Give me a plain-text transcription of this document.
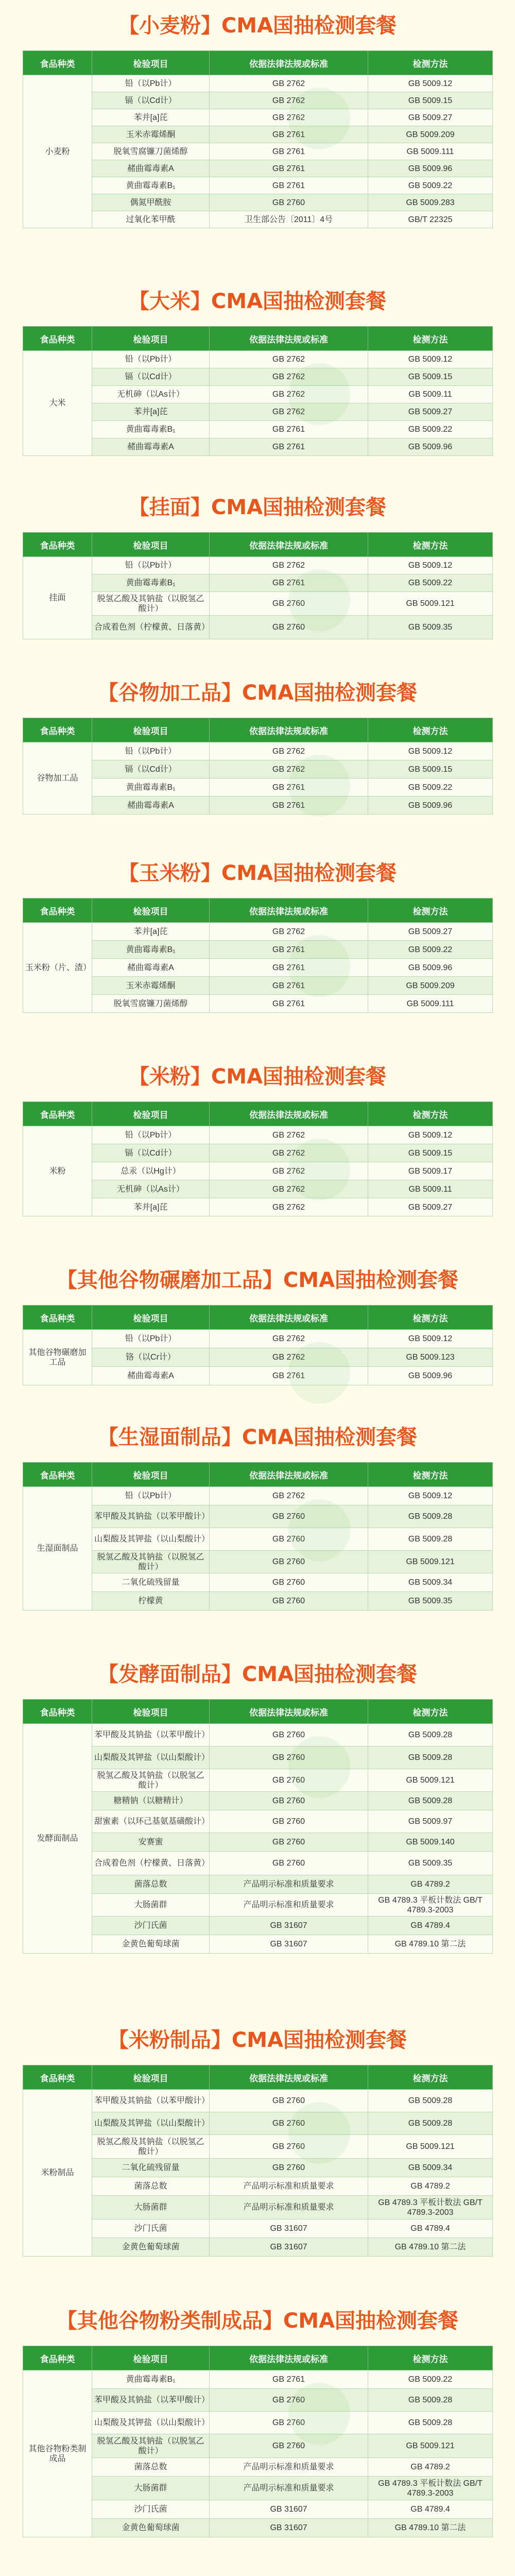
【小麦粉】CMA国抽检测套餐
食品种类	检验项目	依据法律法规或标准	检测方法
小麦粉	铅（以Pb计）	GB 2762	GB 5009.12
	镉（以Cd计）	GB 2762	GB 5009.15
	苯并[a]芘	GB 2762	GB 5009.27
	玉米赤霉烯酮	GB 2761	GB 5009.209
	脱氧雪腐镰刀菌烯醇	GB 2761	GB 5009.111
	赭曲霉毒素A	GB 2761	GB 5009.96
	黄曲霉毒素B₁	GB 2761	GB 5009.22
	偶氮甲酰胺	GB 2760	GB 5009.283
	过氧化苯甲酰	卫生部公告〔2011〕4号	GB/T 22325
【大米】CMA国抽检测套餐
食品种类	检验项目	依据法律法规或标准	检测方法
大米	铅（以Pb计）	GB 2762	GB 5009.12
	镉（以Cd计）	GB 2762	GB 5009.15
	无机砷（以As计）	GB 2762	GB 5009.11
	苯并[a]芘	GB 2762	GB 5009.27
	黄曲霉毒素B₁	GB 2761	GB 5009.22
	赭曲霉毒素A	GB 2761	GB 5009.96
【挂面】CMA国抽检测套餐
食品种类	检验项目	依据法律法规或标准	检测方法
挂面	铅（以Pb计）	GB 2762	GB 5009.12
	黄曲霉毒素B₁	GB 2761	GB 5009.22
	脱氢乙酸及其钠盐（以脱氢乙酸计）	GB 2760	GB 5009.121
	合成着色剂（柠檬黄、日落黄）	GB 2760	GB 5009.35
【谷物加工品】CMA国抽检测套餐
食品种类	检验项目	依据法律法规或标准	检测方法
谷物加工品	铅（以Pb计）	GB 2762	GB 5009.12
	镉（以Cd计）	GB 2762	GB 5009.15
	黄曲霉毒素B₁	GB 2761	GB 5009.22
	赭曲霉毒素A	GB 2761	GB 5009.96
【玉米粉】CMA国抽检测套餐
食品种类	检验项目	依据法律法规或标准	检测方法
玉米粉（片、渣）	苯并[a]芘	GB 2762	GB 5009.27
	黄曲霉毒素B₁	GB 2761	GB 5009.22
	赭曲霉毒素A	GB 2761	GB 5009.96
	玉米赤霉烯酮	GB 2761	GB 5009.209
	脱氧雪腐镰刀菌烯醇	GB 2761	GB 5009.111
【米粉】CMA国抽检测套餐
食品种类	检验项目	依据法律法规或标准	检测方法
米粉	铅（以Pb计）	GB 2762	GB 5009.12
	镉（以Cd计）	GB 2762	GB 5009.15
	总汞（以Hg计）	GB 2762	GB 5009.17
	无机砷（以As计）	GB 2762	GB 5009.11
	苯并[a]芘	GB 2762	GB 5009.27
【其他谷物碾磨加工品】CMA国抽检测套餐
食品种类	检验项目	依据法律法规或标准	检测方法
其他谷物碾磨加工品	铅（以Pb计）	GB 2762	GB 5009.12
	铬（以Cr计）	GB 2762	GB 5009.123
	赭曲霉毒素A	GB 2761	GB 5009.96
【生湿面制品】CMA国抽检测套餐
食品种类	检验项目	依据法律法规或标准	检测方法
生湿面制品	铅（以Pb计）	GB 2762	GB 5009.12
	苯甲酸及其钠盐（以苯甲酸计）	GB 2760	GB 5009.28
	山梨酸及其钾盐（以山梨酸计）	GB 2760	GB 5009.28
	脱氢乙酸及其钠盐（以脱氢乙酸计）	GB 2760	GB 5009.121
	二氧化硫残留量	GB 2760	GB 5009.34
	柠檬黄	GB 2760	GB 5009.35
【发酵面制品】CMA国抽检测套餐
食品种类	检验项目	依据法律法规或标准	检测方法
发酵面制品	苯甲酸及其钠盐（以苯甲酸计）	GB 2760	GB 5009.28
	山梨酸及其钾盐（以山梨酸计）	GB 2760	GB 5009.28
	脱氢乙酸及其钠盐（以脱氢乙酸计）	GB 2760	GB 5009.121
	糖精钠（以糖精计）	GB 2760	GB 5009.28
	甜蜜素（以环己基氨基磺酸计）	GB 2760	GB 5009.97
	安赛蜜	GB 2760	GB 5009.140
	合成着色剂（柠檬黄、日落黄）	GB 2760	GB 5009.35
	菌落总数	产品明示标准和质量要求	GB 4789.2
	大肠菌群	产品明示标准和质量要求	GB 4789.3 平板计数法 GB/T 4789.3-2003
	沙门氏菌	GB 31607	GB 4789.4
	金黄色葡萄球菌	GB 31607	GB 4789.10 第二法
【米粉制品】CMA国抽检测套餐
食品种类	检验项目	依据法律法规或标准	检测方法
米粉制品	苯甲酸及其钠盐（以苯甲酸计）	GB 2760	GB 5009.28
	山梨酸及其钾盐（以山梨酸计）	GB 2760	GB 5009.28
	脱氢乙酸及其钠盐（以脱氢乙酸计）	GB 2760	GB 5009.121
	二氧化硫残留量	GB 2760	GB 5009.34
	菌落总数	产品明示标准和质量要求	GB 4789.2
	大肠菌群	产品明示标准和质量要求	GB 4789.3 平板计数法 GB/T 4789.3-2003
	沙门氏菌	GB 31607	GB 4789.4
	金黄色葡萄球菌	GB 31607	GB 4789.10 第二法
【其他谷物粉类制成品】CMA国抽检测套餐
食品种类	检验项目	依据法律法规或标准	检测方法
其他谷物粉类制成品	黄曲霉毒素B₁	GB 2761	GB 5009.22
	苯甲酸及其钠盐（以苯甲酸计）	GB 2760	GB 5009.28
	山梨酸及其钾盐（以山梨酸计）	GB 2760	GB 5009.28
	脱氢乙酸及其钠盐（以脱氢乙酸计）	GB 2760	GB 5009.121
	菌落总数	产品明示标准和质量要求	GB 4789.2
	大肠菌群	产品明示标准和质量要求	GB 4789.3 平板计数法 GB/T 4789.3-2003
	沙门氏菌	GB 31607	GB 4789.4
	金黄色葡萄球菌	GB 31607	GB 4789.10 第二法
